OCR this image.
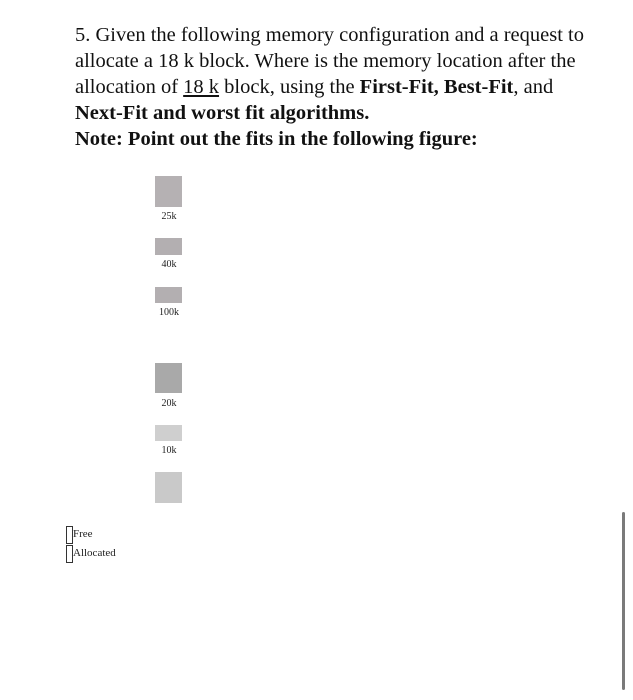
5. Given the following memory configuration and a request to allocate a 18 k block. Where is the memory location after the allocation of 18 k block, using the First-Fit, Best-Fit, and Next-Fit and worst fit algorithms.

Note: Point out the fits in the following figure:

25k
40k
100k
20k
10k
Free
Allocated
